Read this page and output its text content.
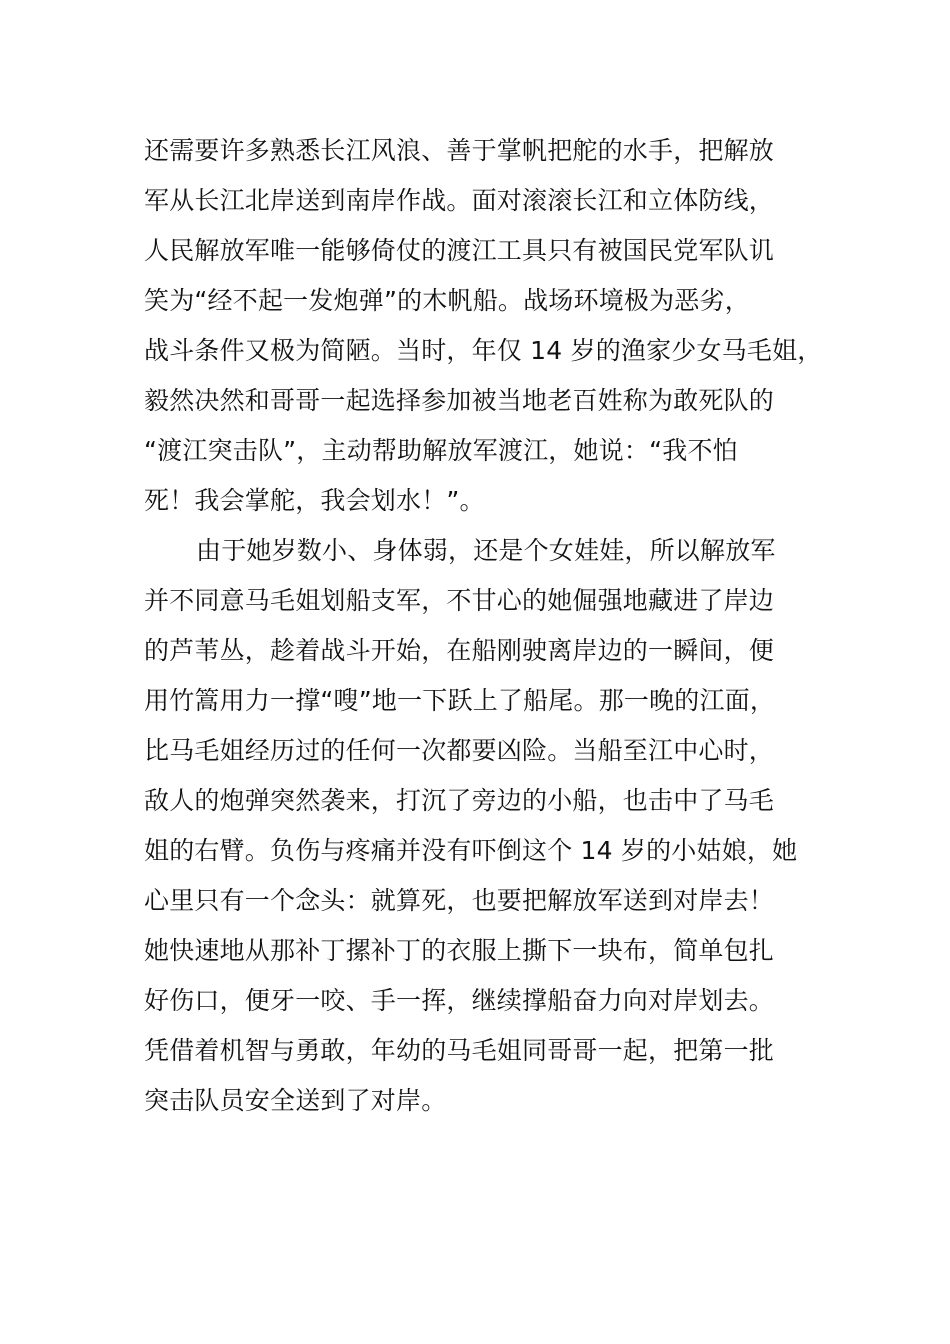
还需要许多熟悉长江风浪、善于掌帆把舵的水手，把解放
军从长江北岸送到南岸作战。面对滚滚长江和立体防线，
人民解放军唯一能够倚仗的渡江工具只有被国民党军队讥
笑为“经不起一发炮弹”的木帆船。战场环境极为恶劣，
战斗条件又极为简陋。当时，年仅 14 岁的渔家少女马毛姐，
毅然决然和哥哥一起选择参加被当地老百姓称为敢死队的
“渡江突击队”，主动帮助解放军渡江，她说：“我不怕
死！我会掌舵，我会划水！”。
由于她岁数小、身体弱，还是个女娃娃，所以解放军
并不同意马毛姐划船支军，不甘心的她倔强地藏进了岸边
的芦苇丛，趁着战斗开始，在船刚驶离岸边的一瞬间，便
用竹篙用力一撑“嗖”地一下跃上了船尾。那一晚的江面，
比马毛姐经历过的任何一次都要凶险。当船至江中心时，
敌人的炮弹突然袭来，打沉了旁边的小船，也击中了马毛
姐的右臂。负伤与疼痛并没有吓倒这个 14 岁的小姑娘，她
心里只有一个念头：就算死，也要把解放军送到对岸去！
她快速地从那补丁摞补丁的衣服上撕下一块布，简单包扎
好伤口，便牙一咬、手一挥，继续撑船奋力向对岸划去。
凭借着机智与勇敢，年幼的马毛姐同哥哥一起，把第一批
突击队员安全送到了对岸。
